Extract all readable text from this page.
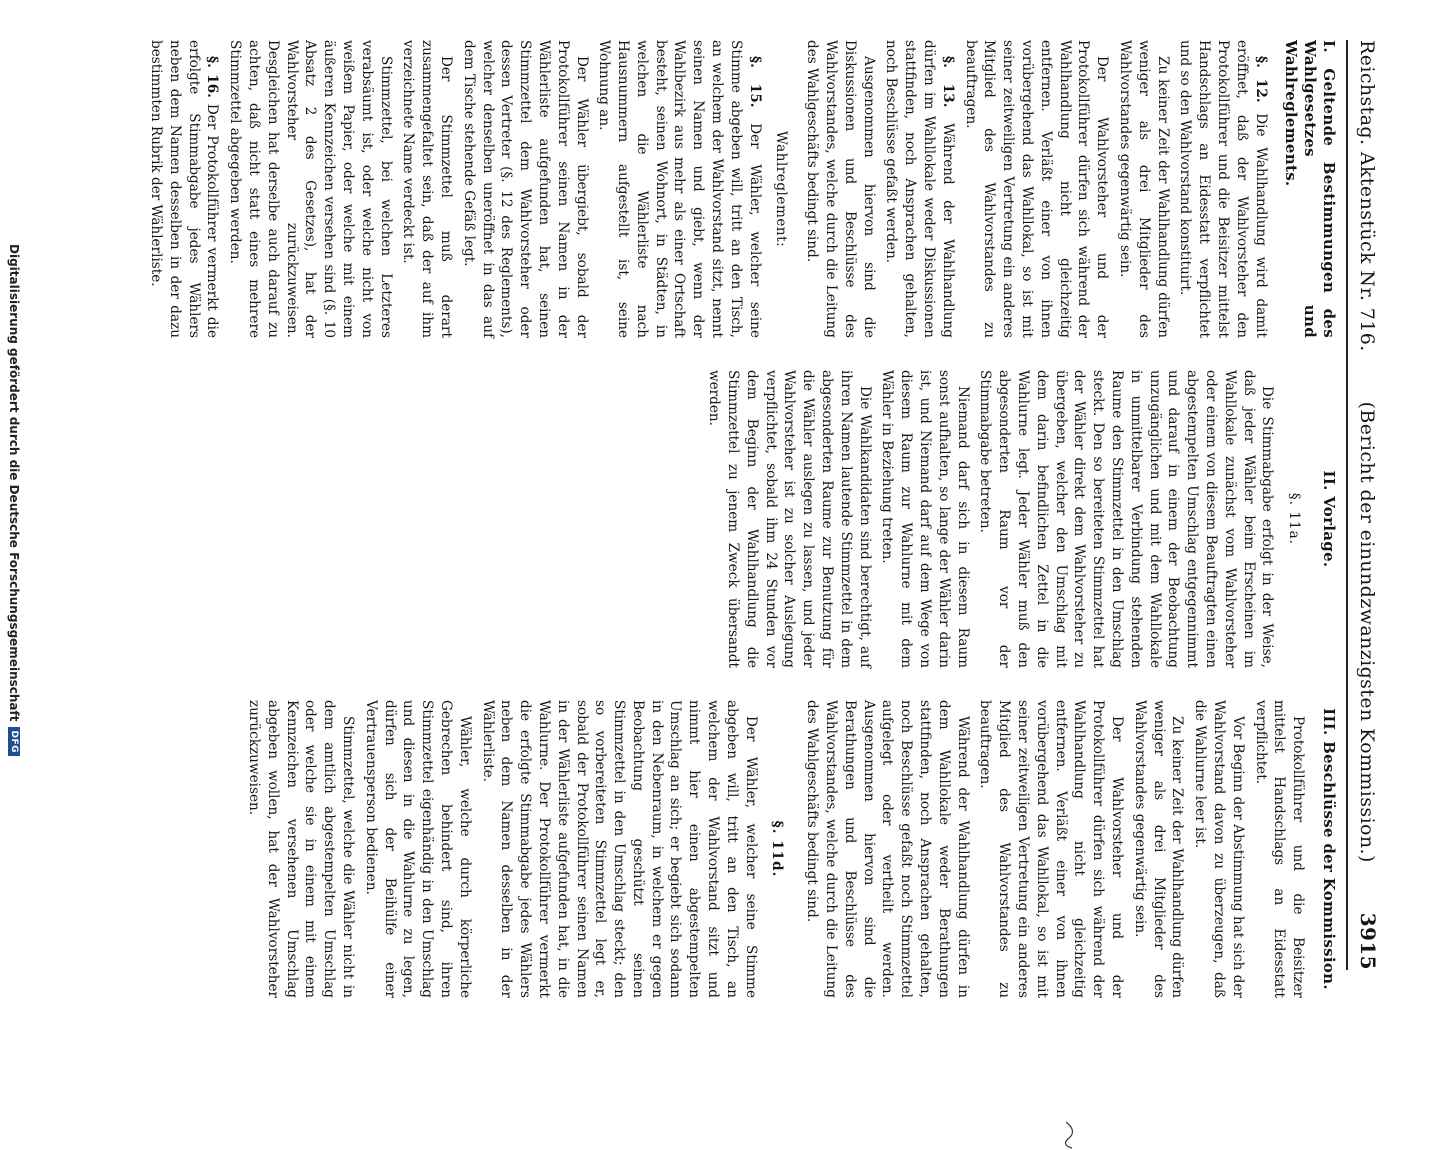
Digitalisierung gefördert durch die Deutsche Forschungsgemeinschaft
DFG
Reichstag. Aktenstück Nr. 716.
(Bericht der einundzwanzigsten Kommission.)
3915
I. Geltende Bestimmungen des Wahlgesetzes und Wahlreglements.

§. 12. Die Wahlhandlung wird damit eröffnet, daß der Wahlvorsteher den Protokollführer und die Beisitzer mittelst Handschlags an Eidesstatt verpflichtet und so den Wahlvorstand konstituirt.

Zu keiner Zeit der Wahlhandlung dürfen weniger als drei Mitglieder des Wahlvorstandes gegenwärtig sein.

Der Wahlvorsteher und der Protokollführer dürfen sich während der Wahlhandlung nicht gleichzeitig entfernen. Verläßt einer von ihnen vorübergehend das Wahllokal, so ist mit seiner zeitweiligen Vertretung ein anderes Mitglied des Wahlvorstandes zu beauftragen.

§. 13. Während der Wahlhandlung dürfen im Wahllokale weder Diskussionen stattfinden, noch Ansprachen gehalten, noch Beschlüsse gefaßt werden.

Ausgenommen hiervon sind die Diskussionen und Beschlüsse des Wahlvorstandes, welche durch die Leitung des Wahlgeschäfts bedingt sind.

Wahlreglement:

§. 15. Der Wähler, welcher seine Stimme abgeben will, tritt an den Tisch, an welchem der Wahlvorstand sitzt, nennt seinen Namen und giebt, wenn der Wahlbezirk aus mehr als einer Ortschaft besteht, seinen Wohnort, in Städten, in welchen die Wählerliste nach Hausnummern aufgestellt ist, seine Wohnung an.

Der Wähler übergiebt, sobald der Protokollführer seinen Namen in der Wählerliste aufgefunden hat, seinen Stimmzettel dem Wahlvorsteher oder dessen Vertreter (§. 12 des Reglements), welcher denselben uneröffnet in das auf dem Tische stehende Gefäß legt.

Der Stimmzettel muß derart zusammengefaltet sein, daß der auf ihm verzeichnete Name verdeckt ist.

Stimmzettel, bei welchen Letzteres verabsäumt ist, oder welche nicht von weißem Papier, oder welche mit einem äußeren Kennzeichen versehen sind (§. 10 Absatz 2 des Gesetzes), hat der Wahlvorsteher zurückzuweisen. Desgleichen hat derselbe auch darauf zu achten, daß nicht statt eines mehrere Stimmzettel abgegeben werden.

§. 16. Der Protokollführer vermerkt die erfolgte Stimmabgabe jedes Wählers neben dem Namen desselben in der dazu bestimmten Rubrik der Wählerliste.

II. Vorlage.
§. 11a.

Die Stimmabgabe erfolgt in der Weise, daß jeder Wähler beim Erscheinen im Wahllokale zunächst vom Wahlvorsteher oder einem von diesem Beauftragten einen abgestempelten Umschlag entgegennimmt und darauf in einem der Beobachtung unzugänglichen und mit dem Wahllokale in unmittelbarer Verbindung stehenden Raume den Stimmzettel in den Umschlag steckt. Den so bereiteten Stimmzettel hat der Wähler direkt dem Wahlvorsteher zu übergeben, welcher den Umschlag mit dem darin befindlichen Zettel in die Wahlurne legt. Jeder Wähler muß den abgesonderten Raum vor der Stimmabgabe betreten.

Niemand darf sich in diesem Raum sonst aufhalten, so lange der Wähler darin ist, und Niemand darf auf dem Wege von diesem Raum zur Wahlurne mit dem Wähler in Beziehung treten.

Die Wahlkandidaten sind berechtigt, auf ihren Namen lautende Stimmzettel in dem abgesonderten Raume zur Benutzung für die Wähler auslegen zu lassen, und jeder Wahlvorsteher ist zu solcher Auslegung verpflichtet, sobald ihm 24 Stunden vor dem Beginn der Wahlhandlung die Stimmzettel zu jenem Zweck übersandt werden.

III. Beschlüsse der Kommission.

Protokollführer und die Beisitzer mittelst Handschlags an Eidesstatt verpflichtet.

Vor Beginn der Abstimmung hat sich der Wahlvorstand davon zu überzeugen, daß die Wahlurne leer ist.

Zu keiner Zeit der Wahlhandlung dürfen weniger als drei Mitglieder des Wahlvorstandes gegenwärtig sein.

Der Wahlvorsteher und der Protokollführer dürfen sich während der Wahlhandlung nicht gleichzeitig entfernen. Verläßt einer von ihnen vorübergehend das Wahllokal, so ist mit seiner zeitweiligen Vertretung ein anderes Mitglied des Wahlvorstandes zu beauftragen.

Während der Wahlhandlung dürfen in dem Wahllokale weder Berathungen stattfinden, noch Ansprachen gehalten, noch Beschlüsse gefaßt noch Stimmzettel aufgelegt oder vertheilt werden. Ausgenommen hiervon sind die Berathungen und Beschlüsse des Wahlvorstandes, welche durch die Leitung des Wahlgeschäfts bedingt sind.

§. 11d.

Der Wähler, welcher seine Stimme abgeben will, tritt an den Tisch, an welchem der Wahlvorstand sitzt und nimmt hier einen abgestempelten Umschlag an sich; er begiebt sich sodann in den Nebenraum, in welchem er gegen Beobachtung geschützt seinen Stimmzettel in den Umschlag steckt; den so vorbereiteten Stimmzettel legt er, sobald der Protokollführer seinen Namen in der Wählerliste aufgefunden hat, in die Wahlurne. Der Protokollführer vermerkt die erfolgte Stimmabgabe jedes Wählers neben dem Namen desselben in der Wählerliste.

Wähler, welche durch körperliche Gebrechen behindert sind, ihren Stimmzettel eigenhändig in den Umschlag und diesen in die Wahlurne zu legen, dürfen sich der Beihülfe einer Vertrauensperson bedienen.

Stimmzettel, welche die Wähler nicht in dem amtlich abgestempelten Umschlag oder welche sie in einem mit einem Kennzeichen versehenen Umschlag abgeben wollen, hat der Wahlvorsteher zurückzuweisen.
